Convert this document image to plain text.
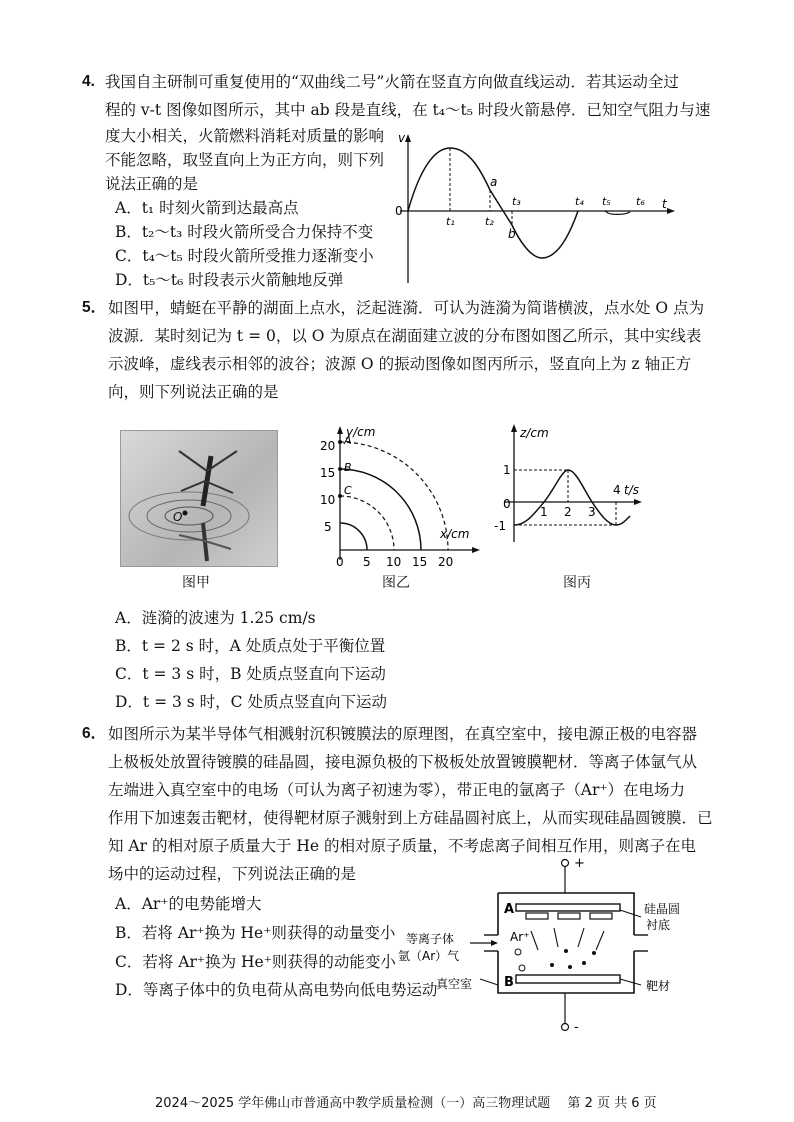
4. 我国自主研制可重复使用的“双曲线二号”火箭在竖直方向做直线运动．若其运动全过
程的 v-t 图像如图所示，其中 ab 段是直线，在 t₄～t₅ 时段火箭悬停．已知空气阻力与速
度大小相关，火箭燃料消耗对质量的影响
不能忽略，取竖直向上为正方向，则下列
说法正确的是
A．t₁ 时刻火箭到达最高点
B．t₂～t₃ 时段火箭所受合力保持不变
C．t₄～t₅ 时段火箭所受推力逐渐变小
D．t₅～t₆ 时段表示火箭触地反弹
v
0	t
t₁	t₂
t₃	t₄ t₅ t₆
a
b
5． 如图甲，蜻蜓在平静的湖面上点水，泛起涟漪．可认为涟漪为简谐横波，点水处 O 点为
波源．某时刻记为 t = 0，以 O 为原点在湖面建立波的分布图如图乙所示，其中实线表
示波峰，虚线表示相邻的波谷；波源 O 的振动图像如图丙所示，竖直向上为 z 轴正方
向，则下列说法正确的是
O
图甲
y/cm
x/cm
20
15
10
5
0 5 10 15 20
A
B
C
图乙
z/cm
t/s
1
0
-1
1 2 3
4
图丙
A．涟漪的波速为 1.25 cm/s
B．t = 2 s 时，A 处质点处于平衡位置
C．t = 3 s 时，B 处质点竖直向下运动
D．t = 3 s 时，C 处质点竖直向下运动
6． 如图所示为某半导体气相溅射沉积镀膜法的原理图，在真空室中，接电源正极的电容器
上极板处放置待镀膜的硅晶圆，接电源负极的下极板处放置镀膜靶材．等离子体氩气从
左端进入真空室中的电场（可认为离子初速为零），带正电的氩离子（Ar⁺）在电场力
作用下加速轰击靶材，使得靶材原子溅射到上方硅晶圆衬底上，从而实现硅晶圆镀膜．已
知 Ar 的相对原子质量大于 He 的相对原子质量，不考虑离子间相互作用，则离子在电
场中的运动过程，下列说法正确的是
A．Ar⁺的电势能增大
B．若将 Ar⁺换为 He⁺则获得的动量变小
C．若将 Ar⁺换为 He⁺则获得的动能变小
D．等离子体中的负电荷从高电势向低电势运动
+
-
A
B
Ar⁺
等离子体
氩（Ar）气
真空室
硅晶圆
衬底
靶材
2024～2025 学年佛山市普通高中教学质量检测（一）高三物理试题　 第 2 页 共 6 页
